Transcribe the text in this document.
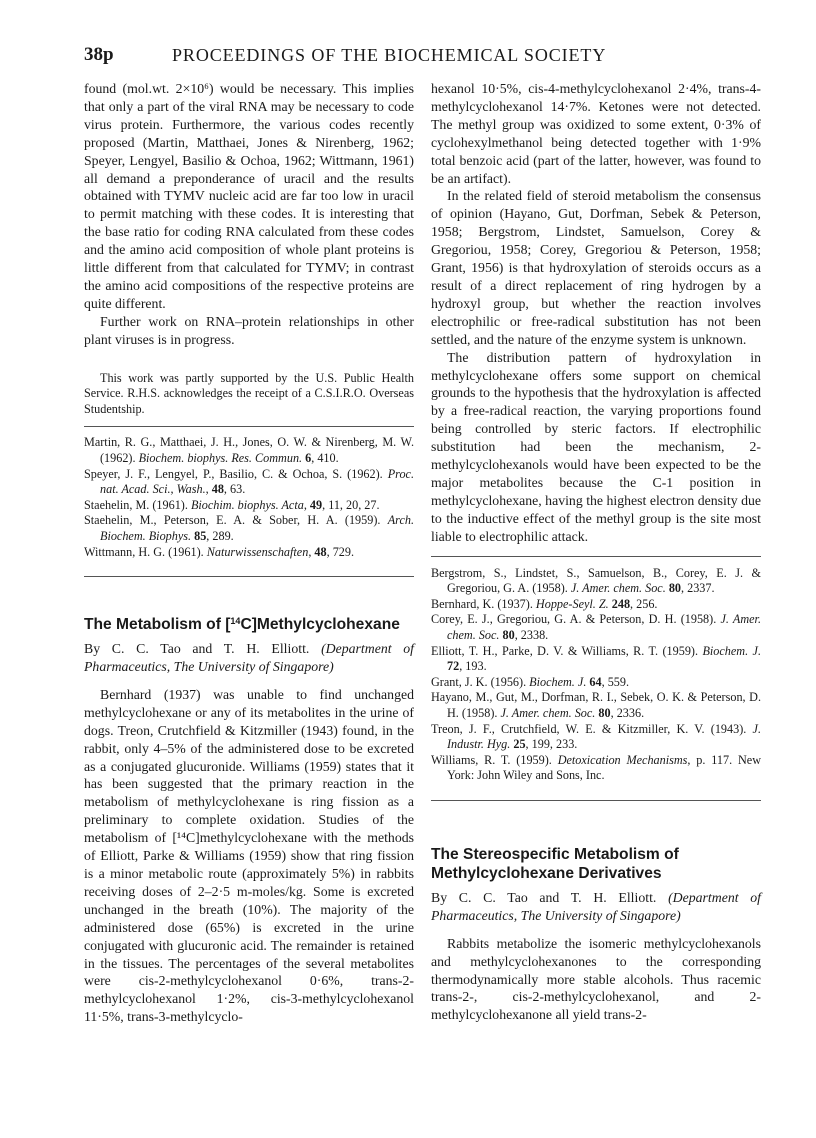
38p	PROCEEDINGS OF THE BIOCHEMICAL SOCIETY

found (mol.wt. 2×10⁶) would be necessary. This implies that only a part of the viral RNA may be necessary to code virus protein. Furthermore, the various codes recently proposed (Martin, Matthaei, Jones & Nirenberg, 1962; Speyer, Lengyel, Basilio & Ochoa, 1962; Wittmann, 1961) all demand a preponderance of uracil and the results obtained with TYMV nucleic acid are far too low in uracil to permit matching with these codes. It is interesting that the base ratio for coding RNA calculated from these codes and the amino acid composition of whole plant proteins is little different from that calculated for TYMV; in contrast the amino acid compositions of the respective proteins are quite different.

Further work on RNA–protein relationships in other plant viruses is in progress.

This work was partly supported by the U.S. Public Health Service. R.H.S. acknowledges the receipt of a C.S.I.R.O. Overseas Studentship.

Martin, R. G., Matthaei, J. H., Jones, O. W. & Nirenberg, M. W. (1962). Biochem. biophys. Res. Commun. 6, 410.
Speyer, J. F., Lengyel, P., Basilio, C. & Ochoa, S. (1962). Proc. nat. Acad. Sci., Wash., 48, 63.
Staehelin, M. (1961). Biochim. biophys. Acta, 49, 11, 20, 27.
Staehelin, M., Peterson, E. A. & Sober, H. A. (1959). Arch. Biochem. Biophys. 85, 289.
Wittmann, H. G. (1961). Naturwissenschaften, 48, 729.
The Metabolism of [$^{14}$C]Methylcyclohexane

By C. C. Tao and T. H. Elliott. (Department of Pharmaceutics, The University of Singapore)

Bernhard (1937) was unable to find unchanged methylcyclohexane or any of its metabolites in the urine of dogs. Treon, Crutchfield & Kitzmiller (1943) found, in the rabbit, only 4–5% of the administered dose to be excreted as a conjugated glucuronide. Williams (1959) states that it has been suggested that the primary reaction in the metabolism of methylcyclohexane is ring fission as a preliminary to complete oxidation. Studies of the metabolism of [¹⁴C]methylcyclohexane with the methods of Elliott, Parke & Williams (1959) show that ring fission is a minor metabolic route (approximately 5%) in rabbits receiving doses of 2–2·5 m-moles/kg. Some is excreted unchanged in the breath (10%). The majority of the administered dose (65%) is excreted in the urine conjugated with glucuronic acid. The remainder is retained in the tissues. The percentages of the several metabolites were cis-2-methylcyclohexanol 0·6%, trans-2-methylcyclohexanol 1·2%, cis-3-methylcyclohexanol 11·5%, trans-3-methylcyclo-

hexanol 10·5%, cis-4-methylcyclohexanol 2·4%, trans-4-methylcyclohexanol 14·7%. Ketones were not detected. The methyl group was oxidized to some extent, 0·3% of cyclohexylmethanol being detected together with 1·9% total benzoic acid (part of the latter, however, was found to be an artifact).

In the related field of steroid metabolism the consensus of opinion (Hayano, Gut, Dorfman, Sebek & Peterson, 1958; Bergstrom, Lindstet, Samuelson, Corey & Gregoriou, 1958; Corey, Gregoriou & Peterson, 1958; Grant, 1956) is that hydroxylation of steroids occurs as a result of a direct replacement of ring hydrogen by a hydroxyl group, but whether the reaction involves electrophilic or free-radical substitution has not been settled, and the nature of the enzyme system is unknown.

The distribution pattern of hydroxylation in methylcyclohexane offers some support on chemical grounds to the hypothesis that the hydroxylation is affected by a free-radical reaction, the varying proportions found being controlled by steric factors. If electrophilic substitution had been the mechanism, 2-methylcyclohexanols would have been expected to be the major metabolites because the C-1 position in methylcyclohexane, having the highest electron density due to the inductive effect of the methyl group is the site most liable to electrophilic attack.

Bergstrom, S., Lindstet, S., Samuelson, B., Corey, E. J. & Gregoriou, G. A. (1958). J. Amer. chem. Soc. 80, 2337.
Bernhard, K. (1937). Hoppe-Seyl. Z. 248, 256.
Corey, E. J., Gregoriou, G. A. & Peterson, D. H. (1958). J. Amer. chem. Soc. 80, 2338.
Elliott, T. H., Parke, D. V. & Williams, R. T. (1959). Biochem. J. 72, 193.
Grant, J. K. (1956). Biochem. J. 64, 559.
Hayano, M., Gut, M., Dorfman, R. I., Sebek, O. K. & Peterson, D. H. (1958). J. Amer. chem. Soc. 80, 2336.
Treon, J. F., Crutchfield, W. E. & Kitzmiller, K. V. (1943). J. Industr. Hyg. 25, 199, 233.
Williams, R. T. (1959). Detoxication Mechanisms, p. 117. New York: John Wiley and Sons, Inc.
The Stereospecific Metabolism of Methylcyclohexane Derivatives

By C. C. Tao and T. H. Elliott. (Department of Pharmaceutics, The University of Singapore)

Rabbits metabolize the isomeric methylcyclohexanols and methylcyclohexanones to the corresponding thermodynamically more stable alcohols. Thus racemic trans-2-, cis-2-methylcyclohexanol, and 2-methylcyclohexanone all yield trans-2-
